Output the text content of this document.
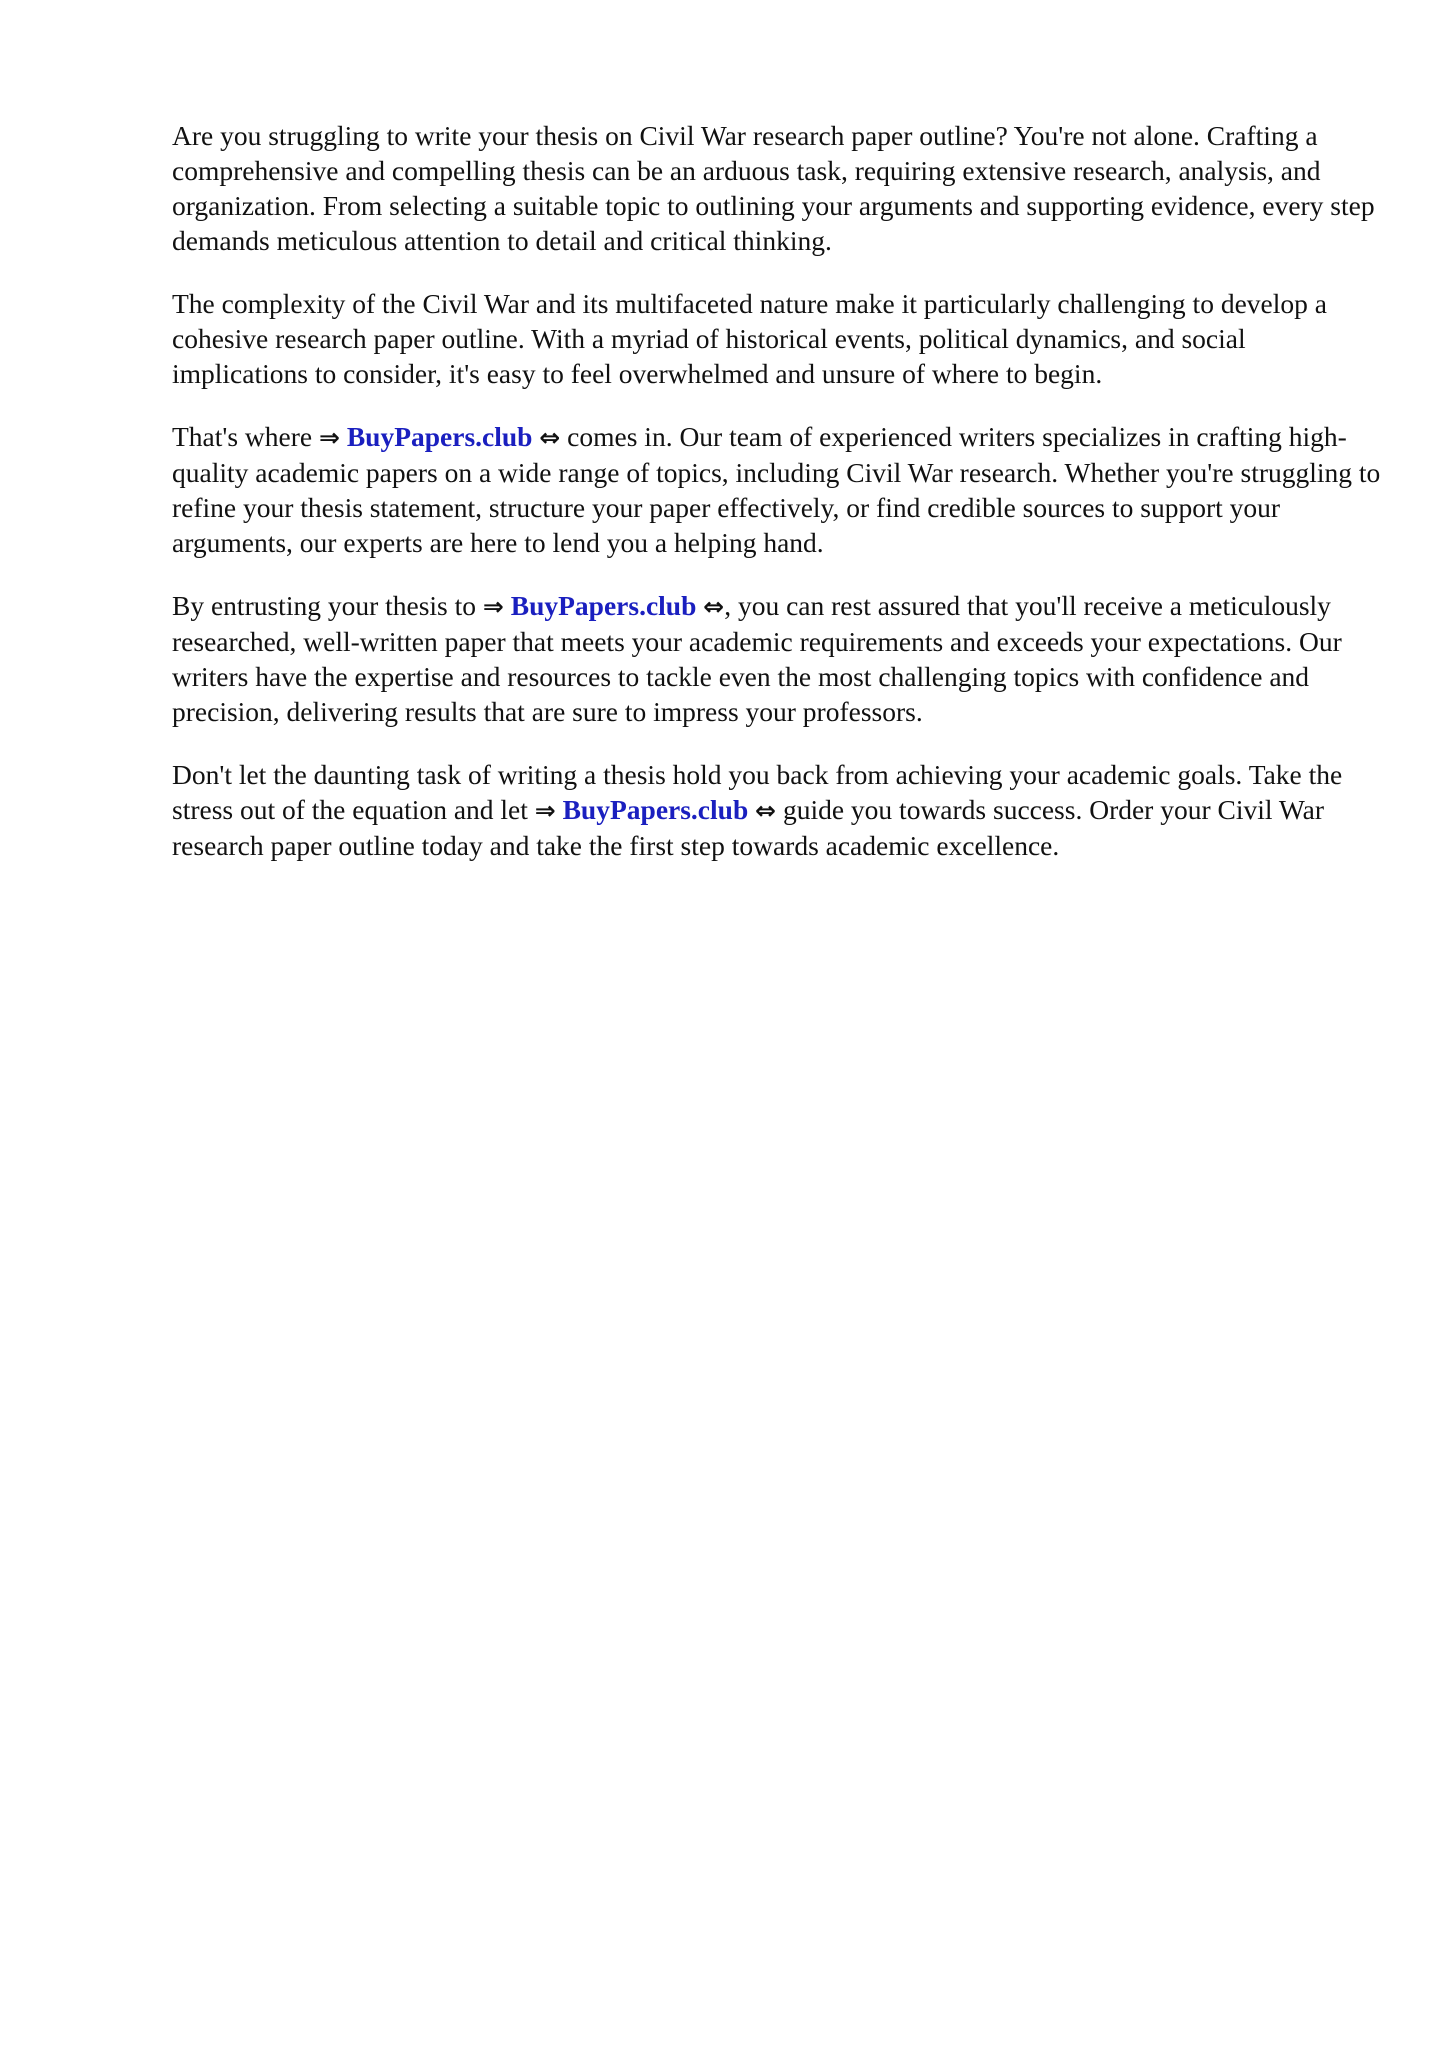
Are you struggling to write your thesis on Civil War research paper outline? You're not alone. Crafting a comprehensive and compelling thesis can be an arduous task, requiring extensive research, analysis, and organization. From selecting a suitable topic to outlining your arguments and supporting evidence, every step demands meticulous attention to detail and critical thinking.

The complexity of the Civil War and its multifaceted nature make it particularly challenging to develop a cohesive research paper outline. With a myriad of historical events, political dynamics, and social implications to consider, it's easy to feel overwhelmed and unsure of where to begin.

That's where ⇒ BuyPapers.club ⇔ comes in. Our team of experienced writers specializes in crafting high-quality academic papers on a wide range of topics, including Civil War research. Whether you're struggling to refine your thesis statement, structure your paper effectively, or find credible sources to support your arguments, our experts are here to lend you a helping hand.

By entrusting your thesis to ⇒ BuyPapers.club ⇔, you can rest assured that you'll receive a meticulously researched, well-written paper that meets your academic requirements and exceeds your expectations. Our writers have the expertise and resources to tackle even the most challenging topics with confidence and precision, delivering results that are sure to impress your professors.

Don't let the daunting task of writing a thesis hold you back from achieving your academic goals. Take the stress out of the equation and let ⇒ BuyPapers.club ⇔ guide you towards success. Order your Civil War research paper outline today and take the first step towards academic excellence.
